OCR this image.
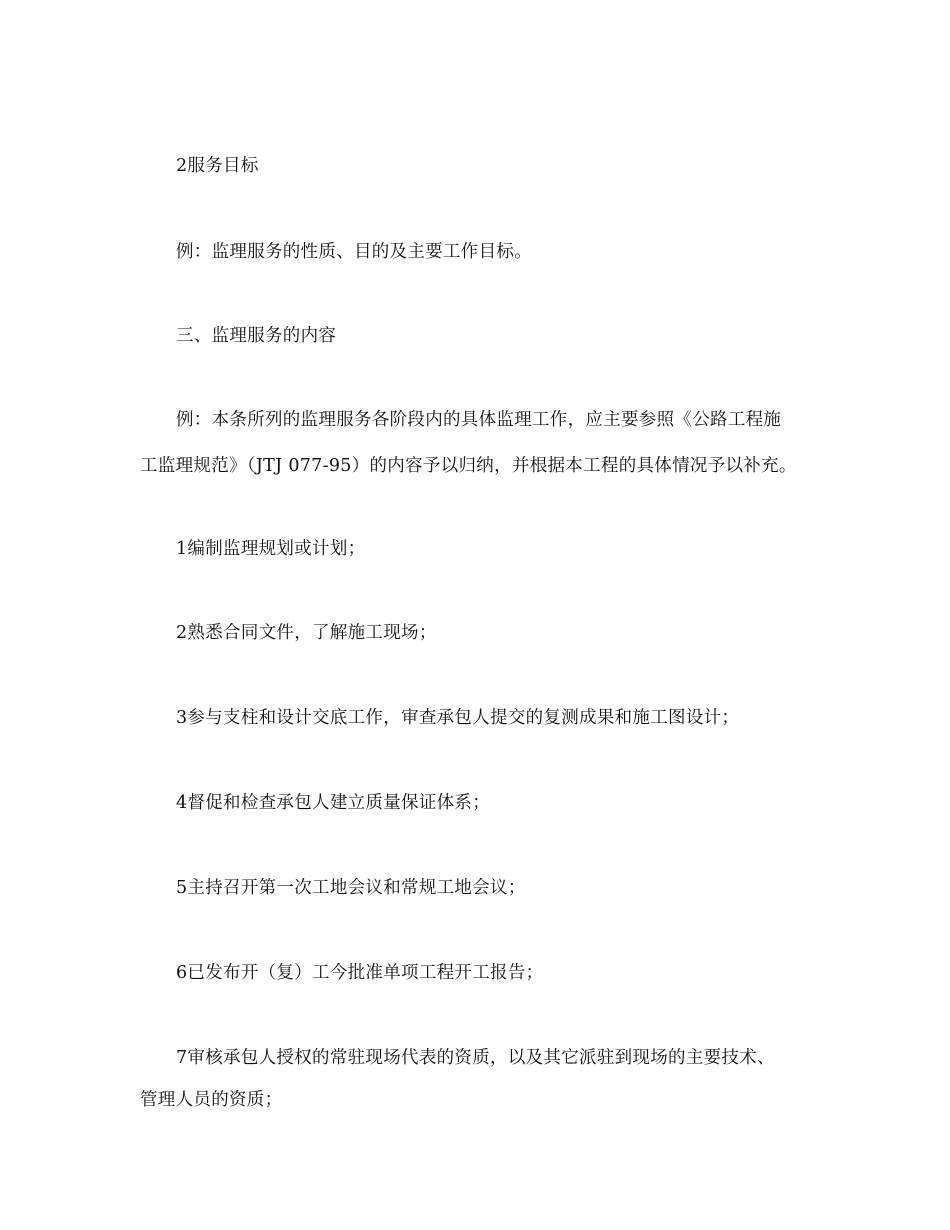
2服务目标
例：监理服务的性质、目的及主要工作目标。
三、监理服务的内容
例：本条所列的监理服务各阶段内的具体监理工作，应主要参照《公路工程施
工监理规范》（JTJ 077-95）的内容予以归纳，并根据本工程的具体情况予以补充。
1编制监理规划或计划；
2熟悉合同文件，了解施工现场；
3参与支柱和设计交底工作，审查承包人提交的复测成果和施工图设计；
4督促和检查承包人建立质量保证体系；
5主持召开第一次工地会议和常规工地会议；
6已发布开（复）工今批准单项工程开工报告；
7审核承包人授权的常驻现场代表的资质，以及其它派驻到现场的主要技术、
管理人员的资质；
